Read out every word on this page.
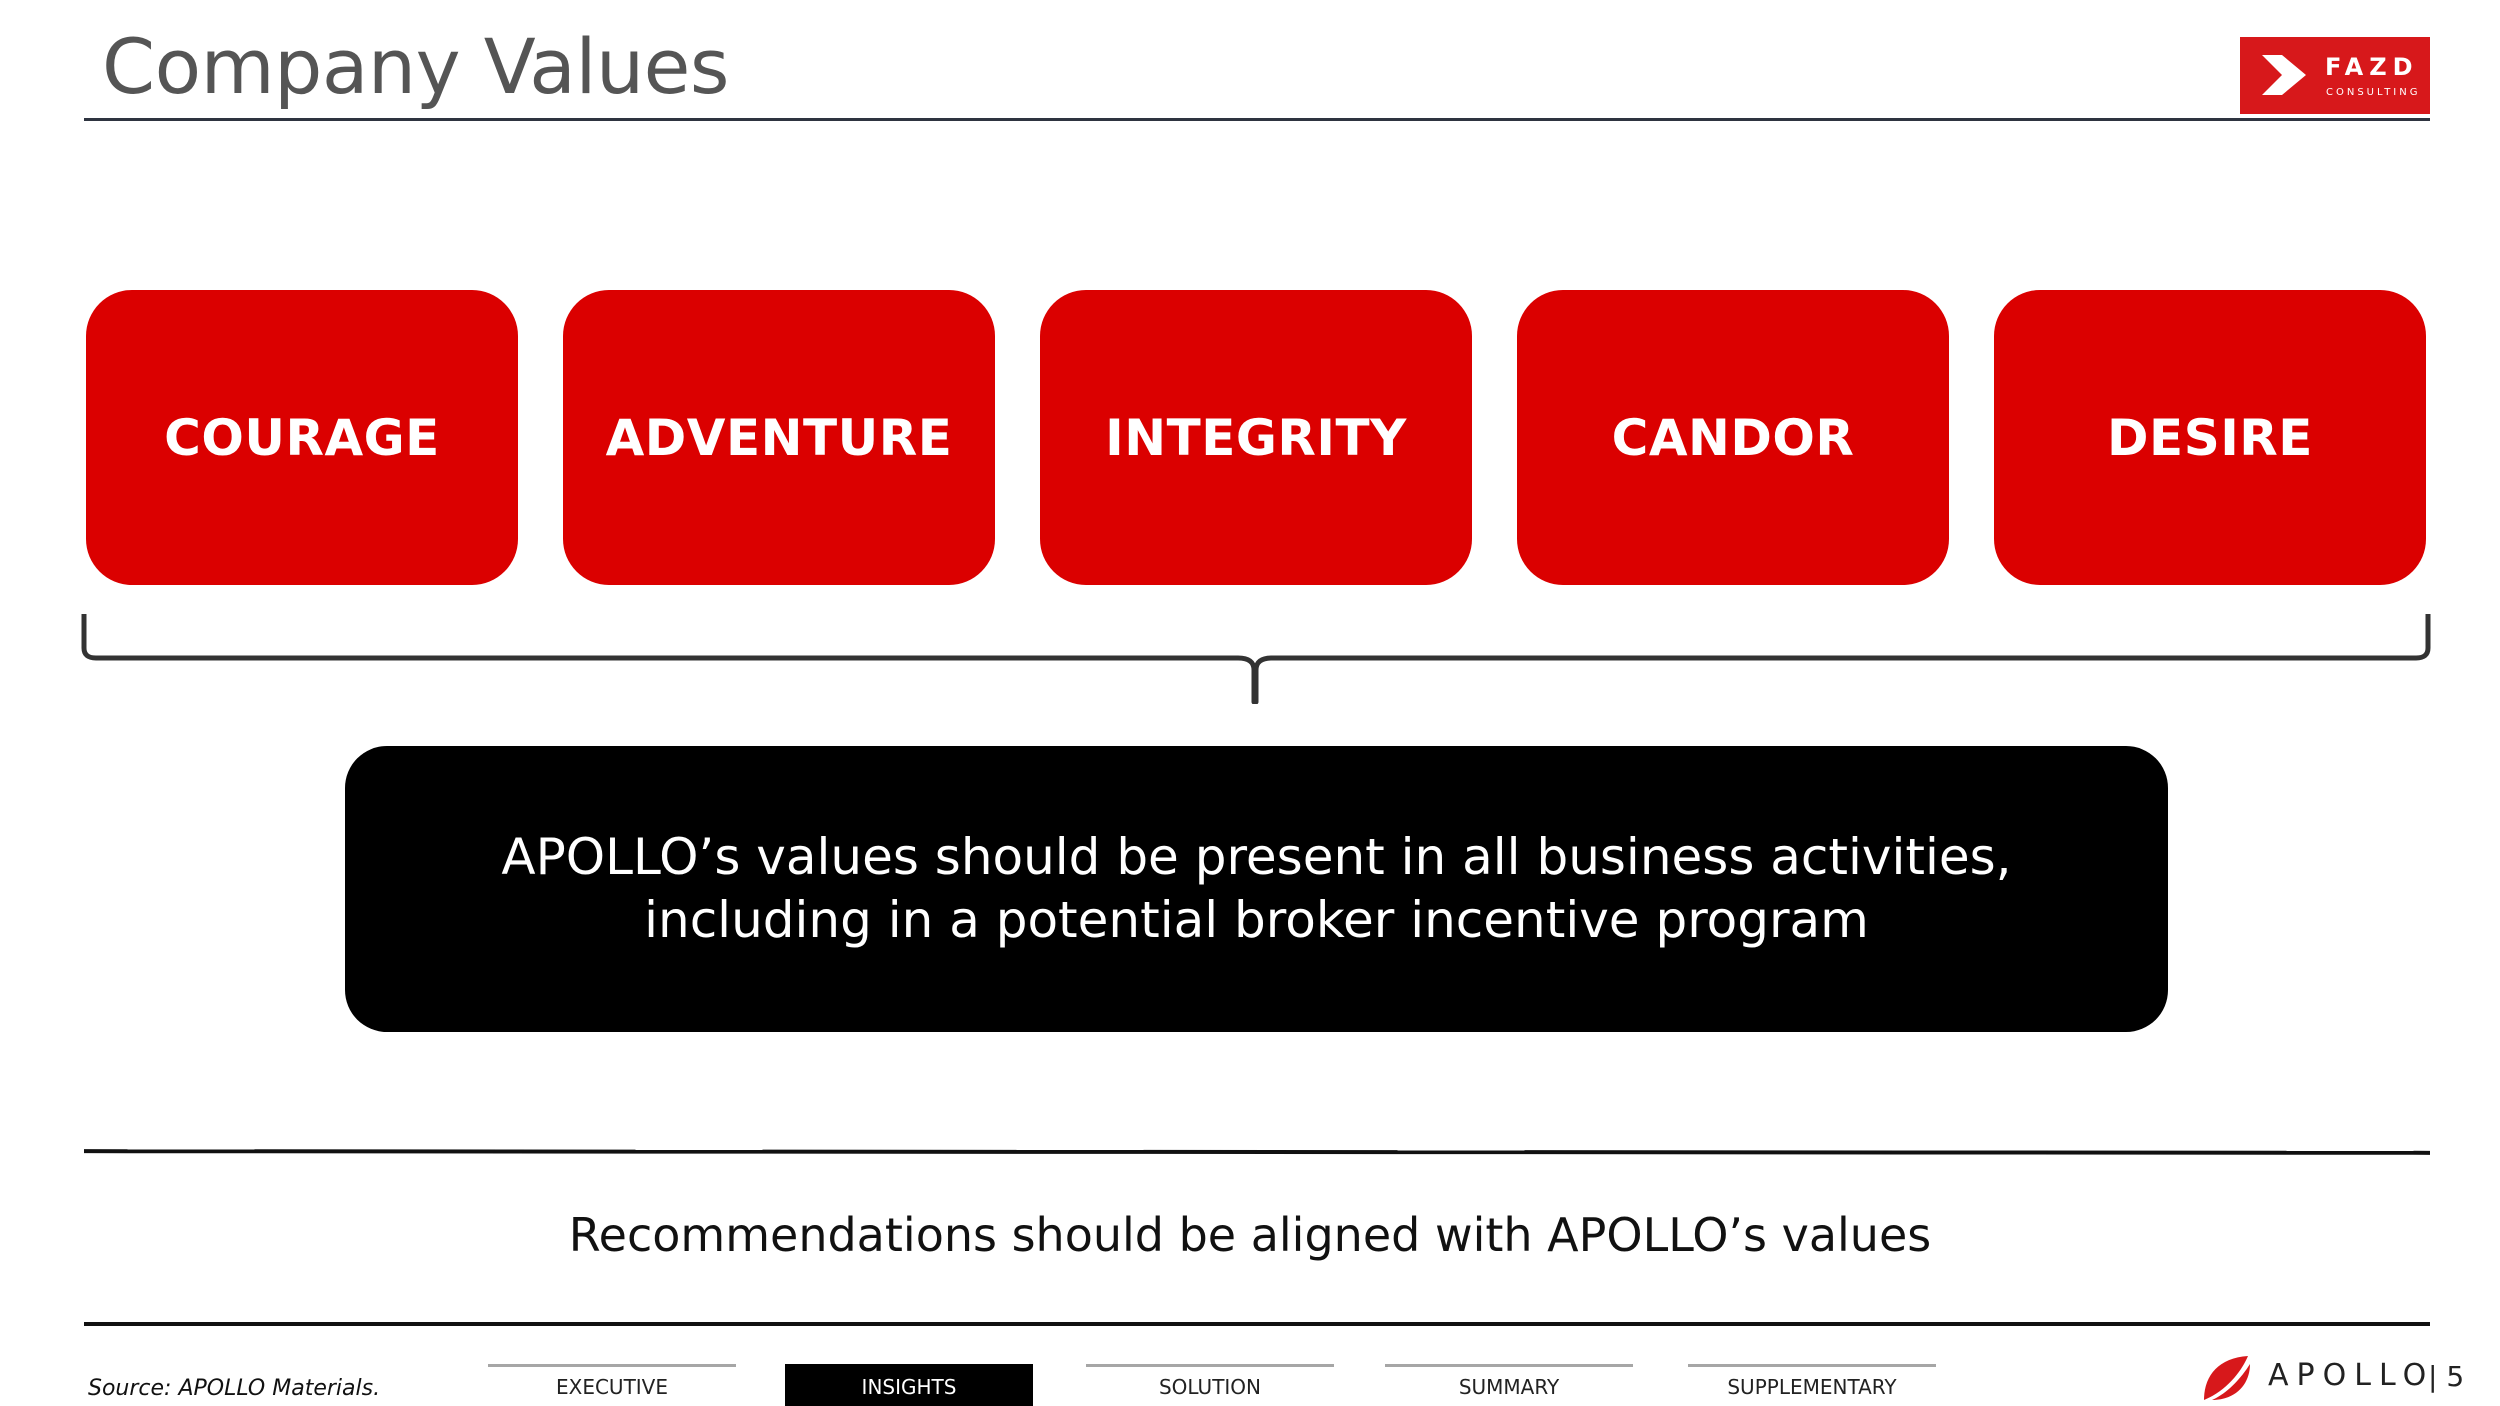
Company Values	FAZD
CONSULTING
COURAGE	ADVENTURE	INTEGRITY	CANDOR	DESIRE
APOLLO’s values should be present in all business activities,
including in a potential broker incentive program
Recommendations should be aligned with APOLLO’s values
Source: APOLLO Materials.	EXECUTIVE	INSIGHTS	SOLUTION	SUMMARY	SUPPLEMENTARY	APOLLO
| 5
